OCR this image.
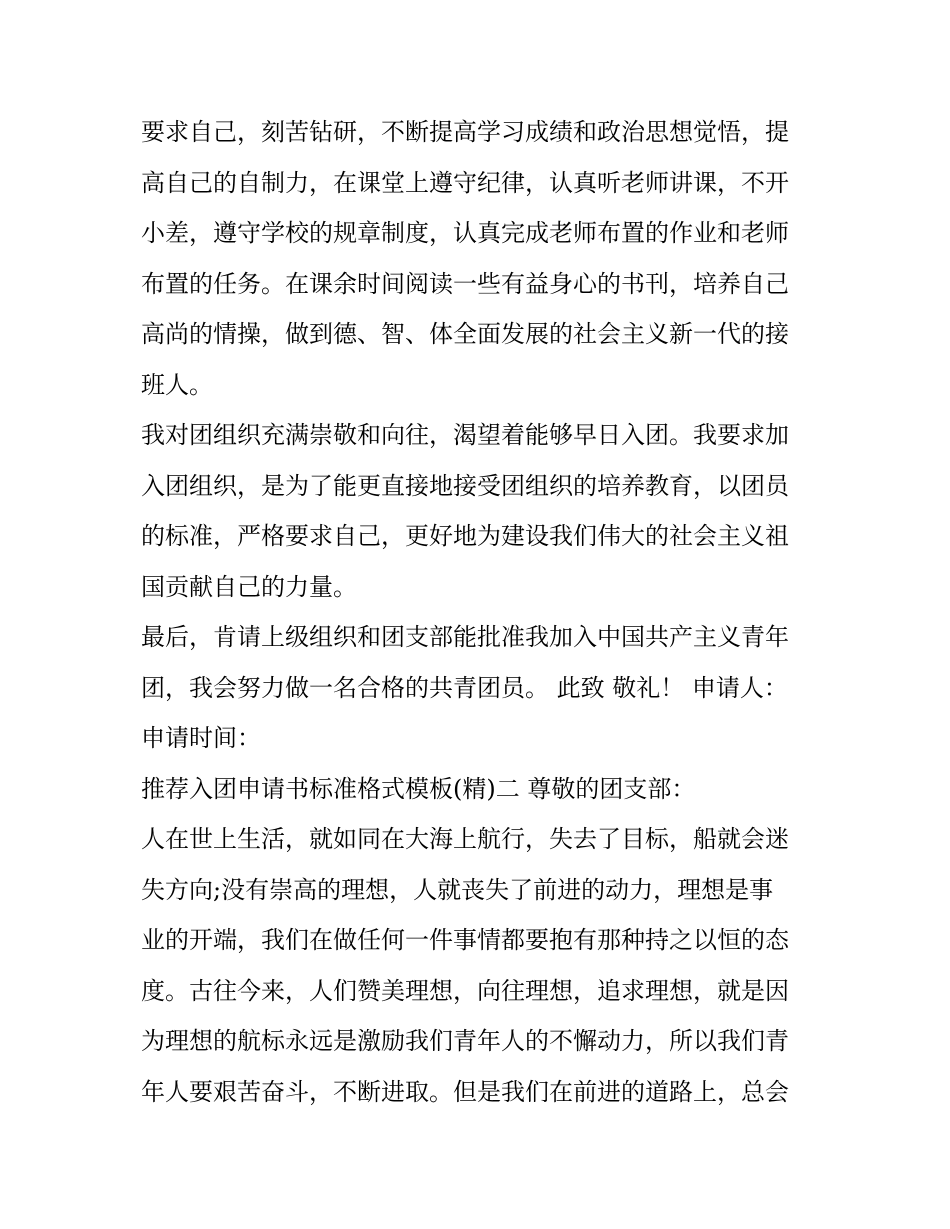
要求自己，刻苦钻研，不断提高学习成绩和政治思想觉悟，提
高自己的自制力，在课堂上遵守纪律，认真听老师讲课，不开
小差，遵守学校的规章制度，认真完成老师布置的作业和老师
布置的任务。在课余时间阅读一些有益身心的书刊，培养自己
高尚的情操，做到德、智、体全面发展的社会主义新一代的接
班人。
我对团组织充满崇敬和向往，渴望着能够早日入团。我要求加
入团组织，是为了能更直接地接受团组织的培养教育，以团员
的标准，严格要求自己，更好地为建设我们伟大的社会主义祖
国贡献自己的力量。
最后，肯请上级组织和团支部能批准我加入中国共产主义青年
团，我会努力做一名合格的共青团员。 此致 敬礼！ 申请人：
申请时间：
推荐入团申请书标准格式模板(精)二 尊敬的团支部：
人在世上生活，就如同在大海上航行，失去了目标，船就会迷
失方向;没有崇高的理想，人就丧失了前进的动力，理想是事
业的开端，我们在做任何一件事情都要抱有那种持之以恒的态
度。古往今来，人们赞美理想，向往理想，追求理想，就是因
为理想的航标永远是激励我们青年人的不懈动力，所以我们青
年人要艰苦奋斗，不断进取。但是我们在前进的道路上，总会
